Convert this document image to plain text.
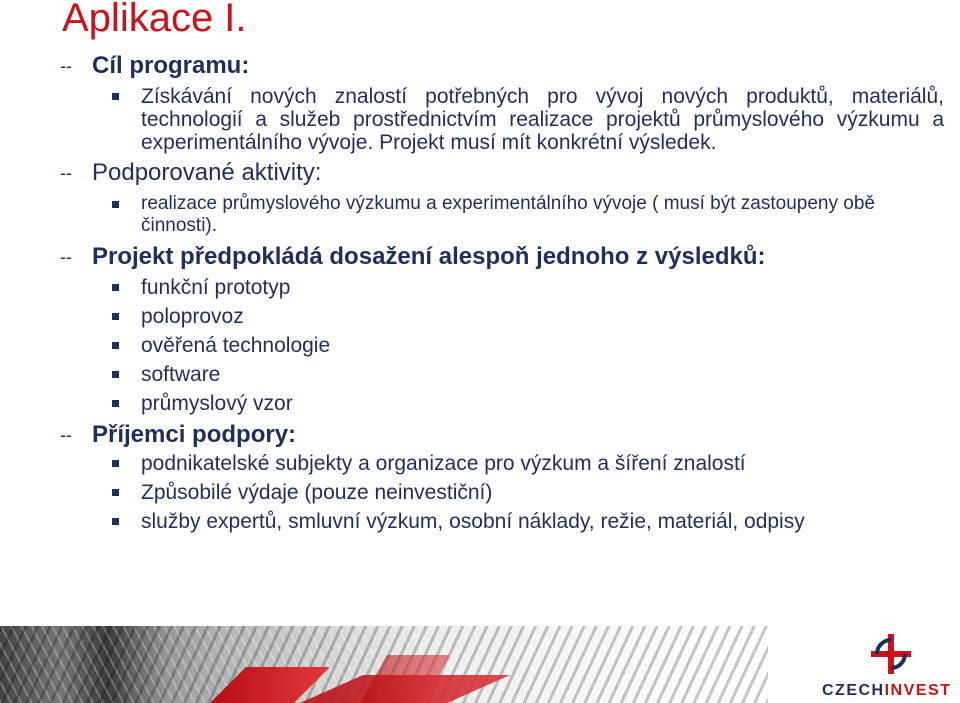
Aplikace I.
-- Cíl programu:
Získávání nových znalostí potřebných pro vývoj nových produktů, materiálů, technologií a služeb prostřednictvím realizace projektů průmyslového výzkumu a experimentálního vývoje. Projekt musí mít konkrétní výsledek.
-- Podporované aktivity:
realizace průmyslového výzkumu a experimentálního vývoje ( musí být zastoupeny obě činnosti).
-- Projekt předpokládá dosažení alespoň jednoho z výsledků:
funkční prototyp
poloprovoz
ověřená technologie
software
průmyslový vzor
-- Příjemci podpory:
podnikatelské subjekty a organizace pro výzkum a šíření znalostí
Způsobilé výdaje (pouze neinvestiční)
služby expertů, smluvní výzkum, osobní náklady, režie, materiál, odpisy
CZECHINVEST
